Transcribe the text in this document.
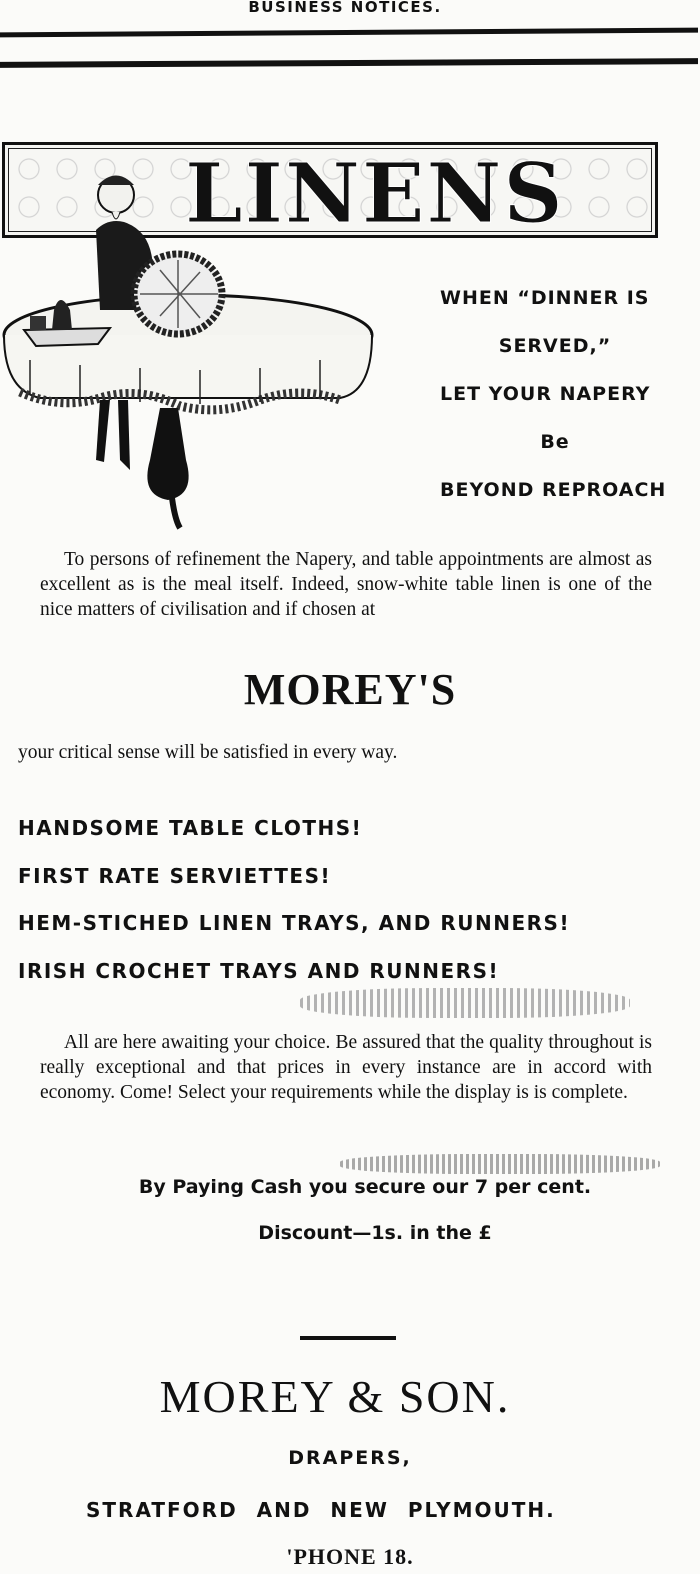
BUSINESS NOTICES.
LINENS
WHEN “DINNER IS
SERVED,”
LET YOUR NAPERY
Be
BEYOND REPROACH
To persons of refinement the Napery, and table appointments are almost as excellent as is the meal itself. Indeed, snow-white table linen is one of the nice matters of civilisation and if chosen at
MOREY'S
your critical sense will be satisfied in every way.
HANDSOME TABLE CLOTHS!
FIRST RATE SERVIETTES!
HEM-STICHED LINEN TRAYS, AND RUNNERS!
IRISH CROCHET TRAYS AND RUNNERS!
All are here awaiting your choice. Be assured that the quality throughout is really exceptional and that prices in every instance are in accord with economy. Come! Select your requirements while the display is is complete.
By Paying Cash you secure our 7 per cent.
Discount—1s. in the £
MOREY & SON.
DRAPERS,
STRATFORD AND NEW PLYMOUTH.
'PHONE 18.
